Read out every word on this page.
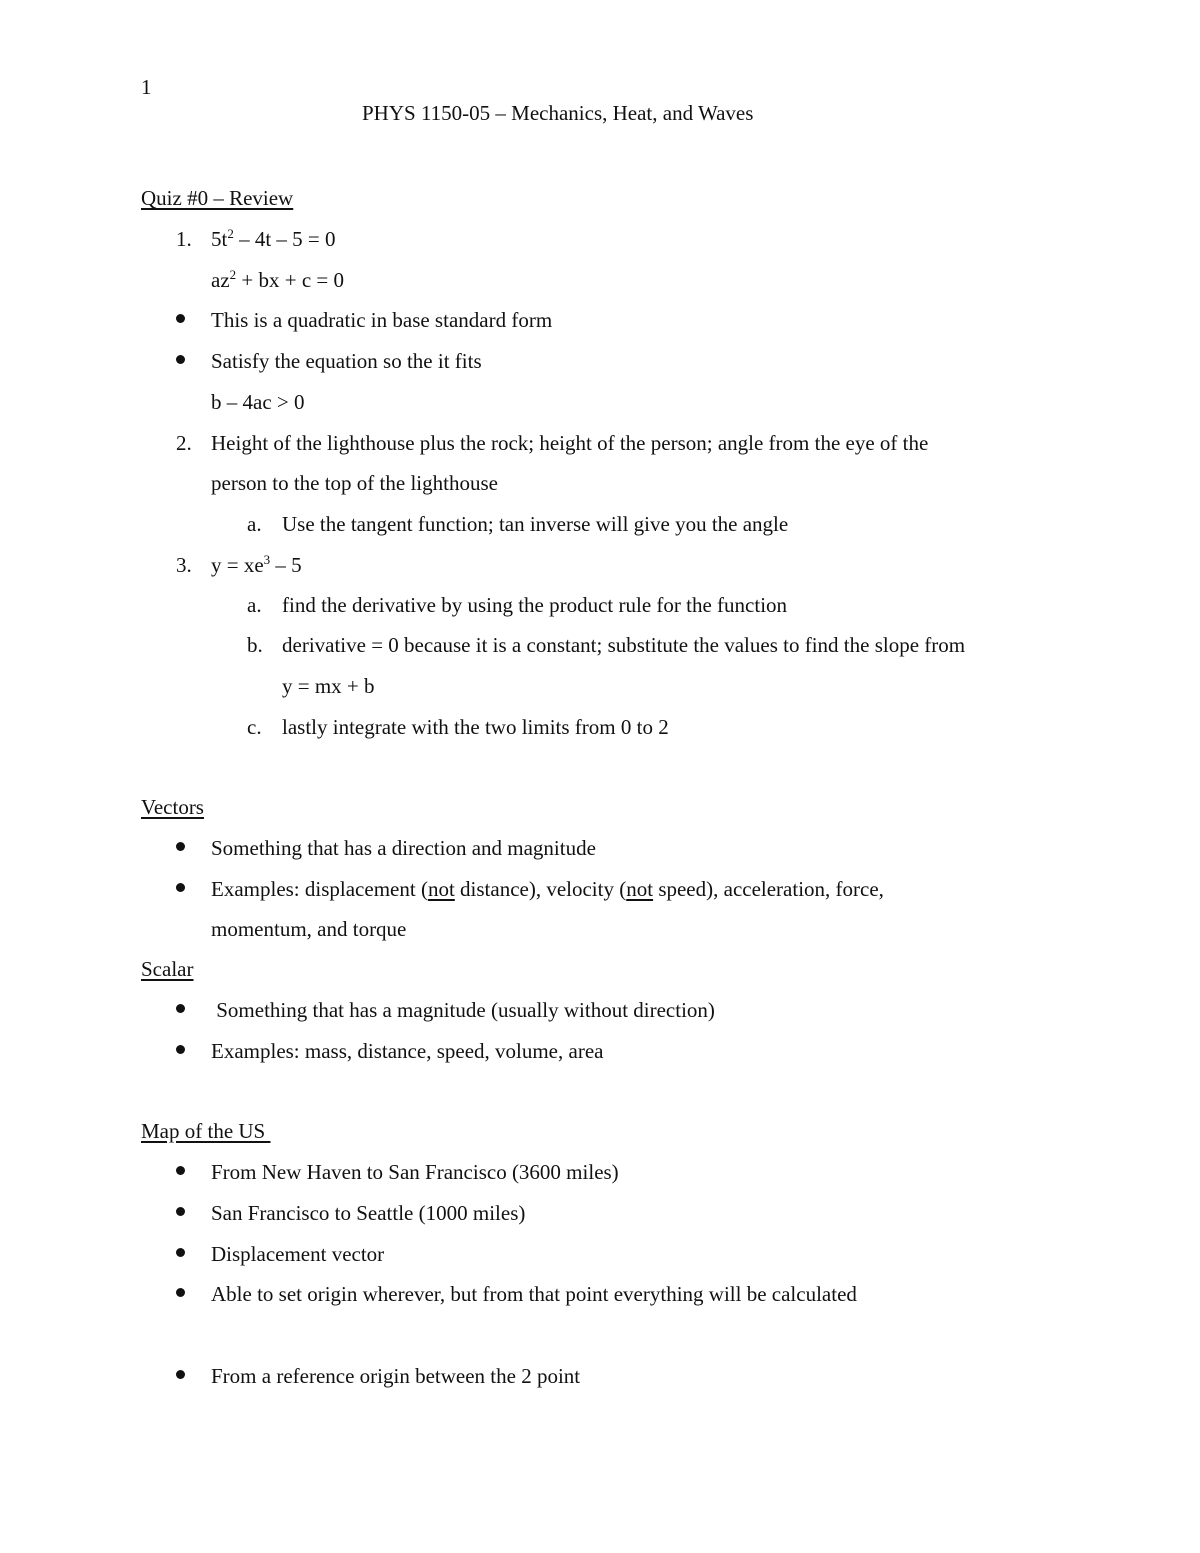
1
PHYS 1150-05 – Mechanics, Heat, and Waves
Quiz #0 – Review
1. $5t^2 - 4t - 5 = 0$
$az^2$ + bx + c = 0
This is a quadratic in base standard form
Satisfy the equation so the it fits
b – 4ac > 0
2. Height of the lighthouse plus the rock; height of the person; angle from the eye of the
person to the top of the lighthouse
a. Use the tangent function; tan inverse will give you the angle
3. $y = xe^3 - 5$
a. find the derivative by using the product rule for the function
b. derivative = 0 because it is a constant; substitute the values to find the slope from
y = mx + b
c. lastly integrate with the two limits from 0 to 2
Vectors
Something that has a direction and magnitude
Examples: displacement (not distance), velocity (not speed), acceleration, force,
momentum, and torque
Scalar
Something that has a magnitude (usually without direction)
Examples: mass, distance, speed, volume, area
Map of the US
From New Haven to San Francisco (3600 miles)
San Francisco to Seattle (1000 miles)
Displacement vector
Able to set origin wherever, but from that point everything will be calculated
From a reference origin between the 2 point
